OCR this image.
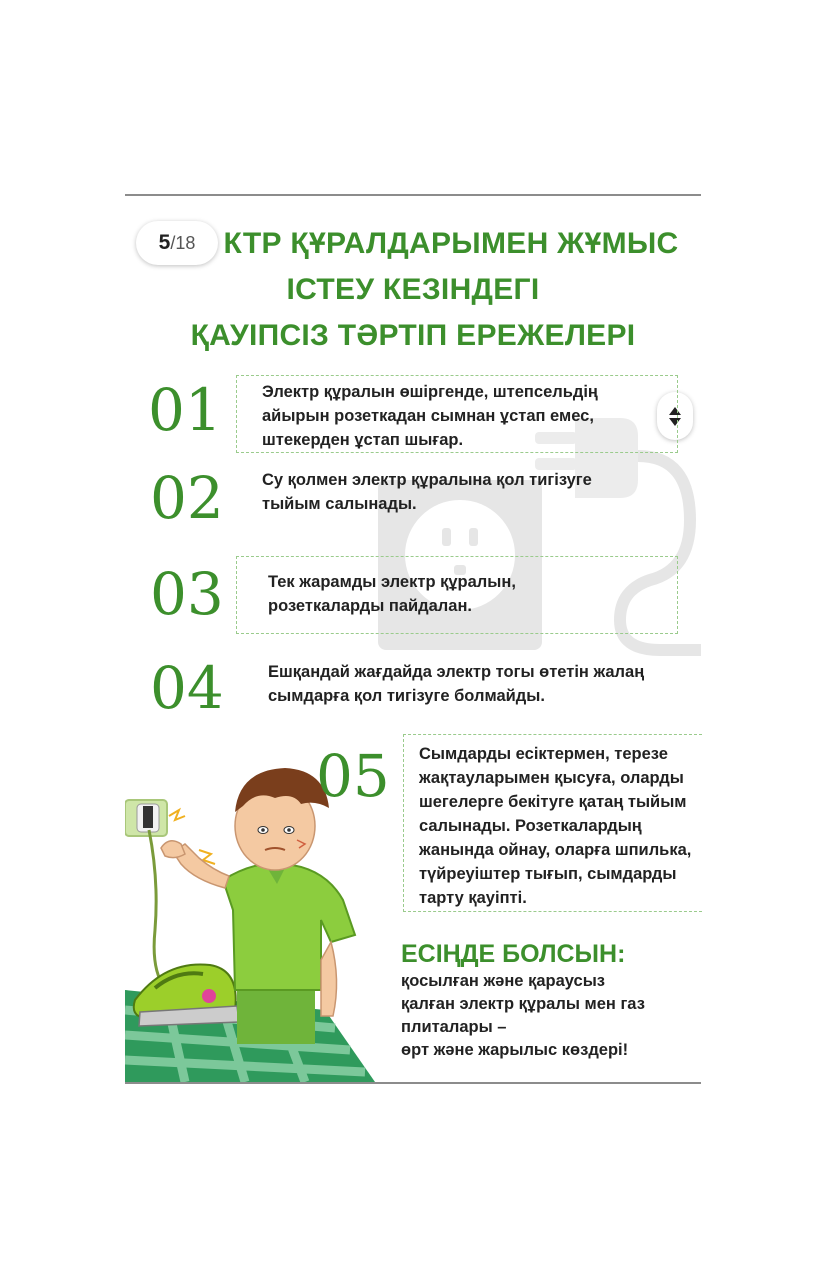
КТР ҚҰРАЛДАРЫМЕН ЖҰМЫС
ІСТЕУ КЕЗІНДЕГІ
ҚАУІПСІЗ ТӘРТІП ЕРЕЖЕЛЕРІ
5 /18
01 Электр құралын өшіргенде, штепсельдің
айырын розеткадан сымнан ұстап емес,
штекерден ұстап шығар.
02 Су қолмен электр құралына қол тигізуге
тыйым салынады.
03	Тек жарамды электр құралын,
розеткаларды пайдалан.
04	Ешқандай жағдайда электр тогы өтетін жалаң
сымдарға қол тигізуге болмайды.
05 Сымдарды есіктермен, терезе
жақтауларымен қысуға, оларды
шегелерге бекітуге қатаң тыйым
салынады. Розеткалардың
жанында ойнау, оларға шпилька,
түйреуіштер тығып, сымдарды
тарту қауіпті.
ЕСІҢДЕ БОЛСЫН:
қосылған және қараусыз
қалған электр құралы мен газ
плиталары –
өрт және жарылыс көздері!
